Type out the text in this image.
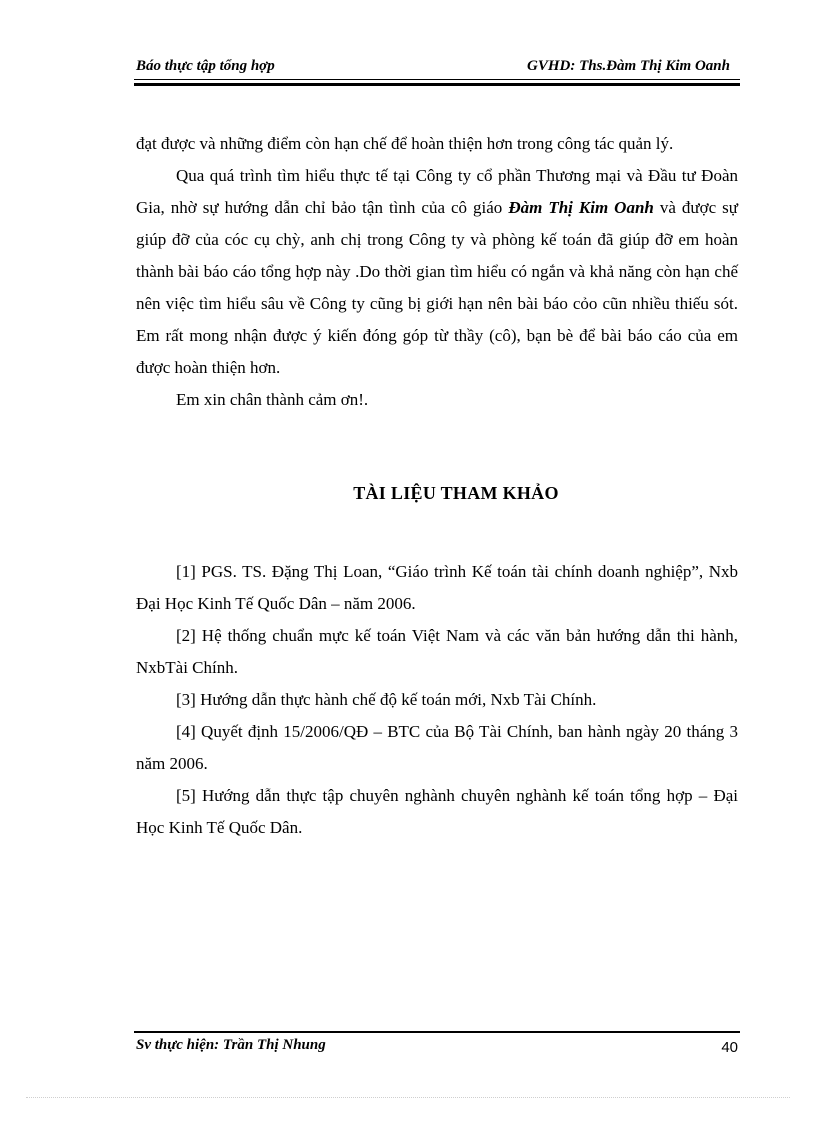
Báo thực tập tổng hợp	GVHD: Ths.Đàm Thị Kim Oanh

đạt được và những điểm còn hạn chế để hoàn thiện hơn trong công tác quản lý.

Qua quá trình tìm hiểu thực tế tại Công ty cổ phần Thương mại và Đầu tư Đoàn Gia, nhờ sự hướng dẫn chỉ bảo tận tình của cô giáo Đàm Thị Kim Oanh và được sự giúp đỡ của cóc cụ chỳ, anh chị trong Công ty và phòng kế toán đã giúp đỡ em hoàn thành bài báo cáo tổng hợp này .Do thời gian tìm hiểu có ngắn và khả năng còn hạn chế nên việc tìm hiểu sâu về Công ty cũng bị giới hạn nên bài báo cỏo cũn nhiều thiếu sót. Em rất mong nhận được ý kiến đóng góp từ thầy (cô), bạn bè để bài báo cáo của em được hoàn thiện hơn.

Em xin chân thành cảm ơn!.

TÀI LIỆU THAM KHẢO

[1] PGS. TS. Đặng Thị Loan, “Giáo trình Kế toán tài chính doanh nghiệp”, Nxb Đại Học Kinh Tế Quốc Dân – năm 2006.

[2] Hệ thống chuẩn mực kế toán Việt Nam và các văn bản hướng dẫn thi hành, NxbTài Chính.

[3] Hướng dẫn thực hành chế độ kế toán mới, Nxb Tài Chính.

[4] Quyết định 15/2006/QĐ – BTC của Bộ Tài Chính, ban hành ngày 20 tháng 3 năm 2006.

[5] Hướng dẫn thực tập chuyên nghành chuyên nghành kế toán tổng hợp – Đại Học Kinh Tế Quốc Dân.

Sv thực hiện: Trần Thị Nhung	40
